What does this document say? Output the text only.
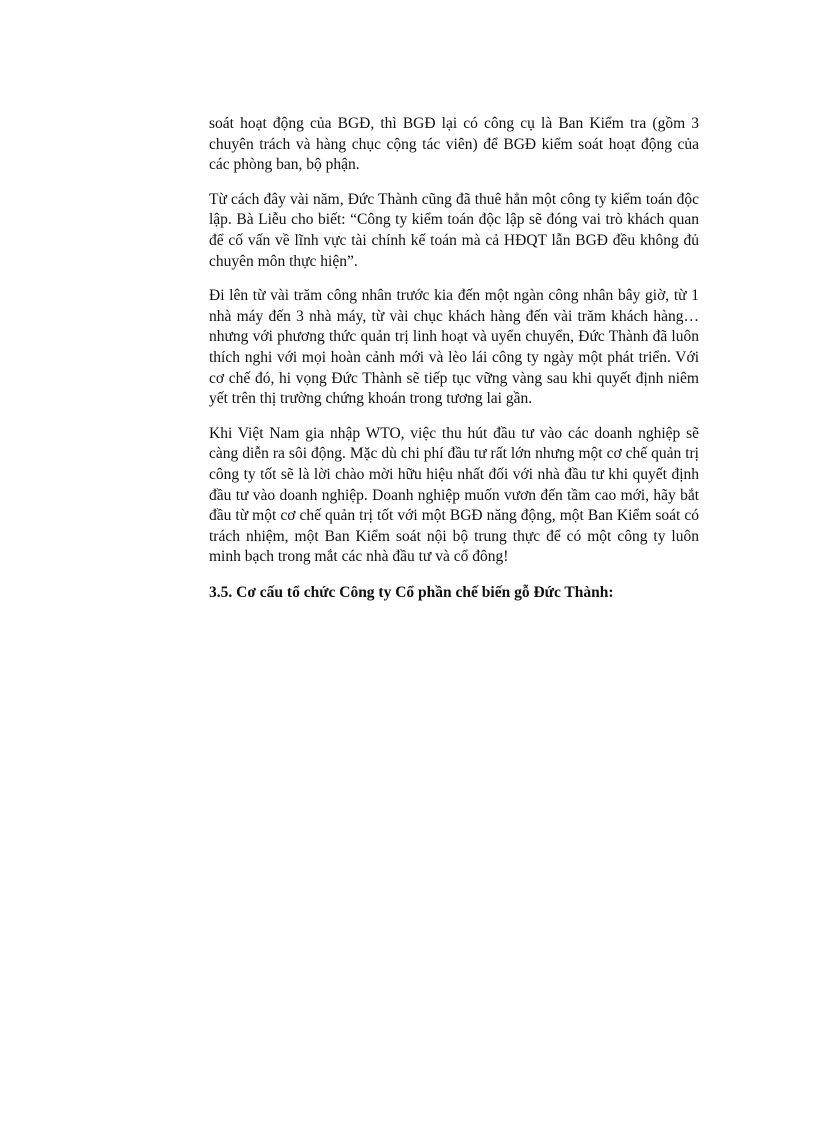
soát hoạt động của BGĐ, thì BGĐ lại có công cụ là Ban Kiểm tra (gồm 3 chuyên trách và hàng chục cộng tác viên) để BGĐ kiểm soát hoạt động của các phòng ban, bộ phận.

Từ cách đây vài năm, Đức Thành cũng đã thuê hẳn một công ty kiểm toán độc lập. Bà Liễu cho biết: “Công ty kiểm toán độc lập sẽ đóng vai trò khách quan để cố vấn về lĩnh vực tài chính kế toán mà cả HĐQT lẫn BGĐ đều không đủ chuyên môn thực hiện”.

Đi lên từ vài trăm công nhân trước kia đến một ngàn công nhân bây giờ, từ 1 nhà máy đến 3 nhà máy, từ vài chục khách hàng đến vài trăm khách hàng… nhưng với phương thức quản trị linh hoạt và uyển chuyển, Đức Thành đã luôn thích nghi với mọi hoàn cảnh mới và lèo lái công ty ngày một phát triển. Với cơ chế đó, hi vọng Đức Thành sẽ tiếp tục vững vàng sau khi quyết định niêm yết trên thị trường chứng khoán trong tương lai gần.

Khi Việt Nam gia nhập WTO, việc thu hút đầu tư vào các doanh nghiệp sẽ càng diễn ra sôi động. Mặc dù chi phí đầu tư rất lớn nhưng một cơ chế quản trị công ty tốt sẽ là lời chào mời hữu hiệu nhất đối với nhà đầu tư khi quyết định đầu tư vào doanh nghiệp. Doanh nghiệp muốn vươn đến tầm cao mới, hãy bắt đầu từ một cơ chế quản trị tốt với một BGĐ năng động, một Ban Kiểm soát có trách nhiệm, một Ban Kiểm soát nội bộ trung thực để có một công ty luôn minh bạch trong mắt các nhà đầu tư và cổ đông!

3.5. Cơ cấu tổ chức Công ty Cổ phần chế biến gỗ Đức Thành:
